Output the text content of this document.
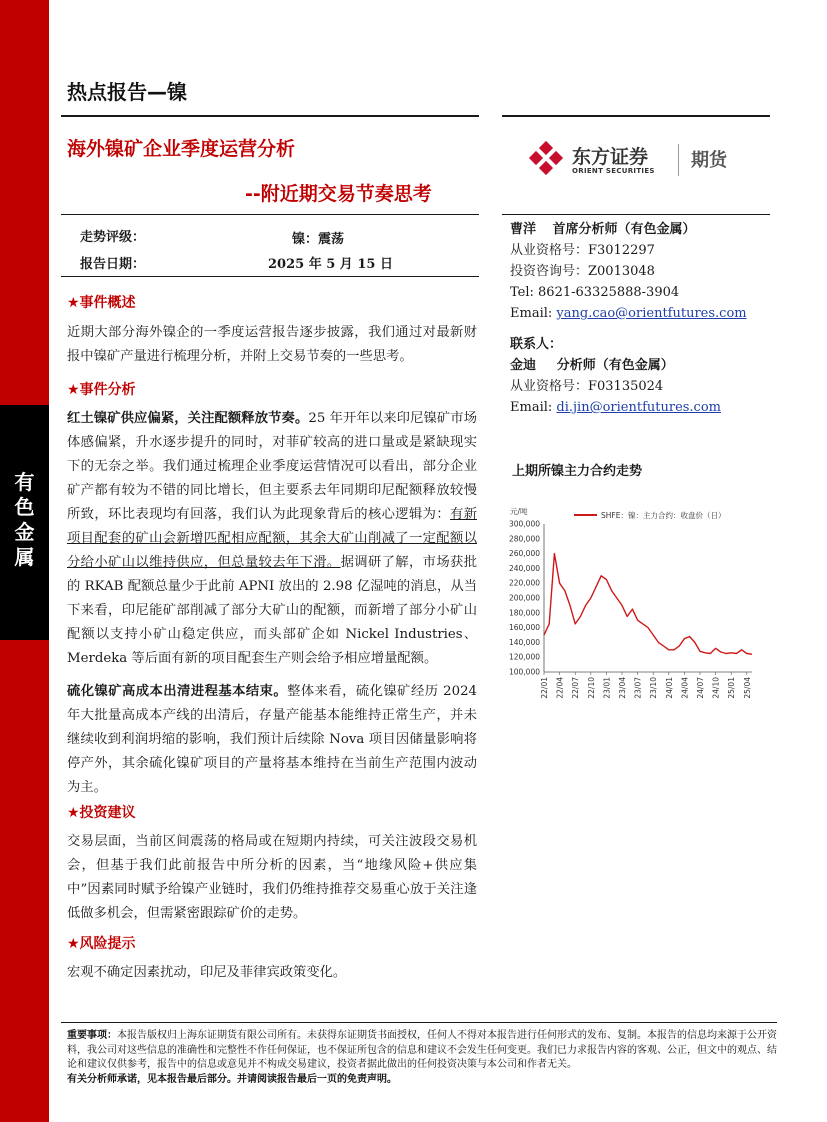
有
色
金
属
热点报告—镍
海外镍矿企业季度运营分析
--附近期交易节奏思考
东方证券
ORIENT SECURITIES 期货
走势评级：	镍：震荡
报告日期：	2025 年 5 月 15 日
★事件概述
近期大部分海外镍企的一季度运营报告逐步披露，我们通过对最新财报中镍矿产量进行梳理分析，并附上交易节奏的一些思考。
★事件分析
红土镍矿供应偏紧，关注配额释放节奏。25 年开年以来印尼镍矿市场体感偏紧，升水逐步提升的同时，对菲矿较高的进口量或是紧缺现实下的无奈之举。我们通过梳理企业季度运营情况可以看出，部分企业矿产都有较为不错的同比增长，但主要系去年同期印尼配额释放较慢所致，环比表现均有回落，我们认为此现象背后的核心逻辑为：有新项目配套的矿山会新增匹配相应配额，其余大矿山削减了一定配额以分给小矿山以维持供应，但总量较去年下滑。据调研了解，市场获批的 RKAB 配额总量少于此前 APNI 放出的 2.98 亿湿吨的消息，从当下来看，印尼能矿部削减了部分大矿山的配额，而新增了部分小矿山配额以支持小矿山稳定供应，而头部矿企如 Nickel Industries、Merdeka 等后面有新的项目配套生产则会给予相应增量配额。
硫化镍矿高成本出清进程基本结束。整体来看，硫化镍矿经历 2024 年大批量高成本产线的出清后，存量产能基本能维持正常生产，并未继续收到利润坍缩的影响，我们预计后续除 Nova 项目因储量影响将停产外，其余硫化镍矿项目的产量将基本维持在当前生产范围内波动为主。
★投资建议
交易层面，当前区间震荡的格局或在短期内持续，可关注波段交易机会，但基于我们此前报告中所分析的因素，当“地缘风险+供应集中”因素同时赋予给镍产业链时，我们仍维持推荐交易重心放于关注逢低做多机会，但需紧密跟踪矿价的走势。
★风险提示
宏观不确定因素扰动，印尼及菲律宾政策变化。
曹洋 首席分析师（有色金属）
从业资格号：F3012297
投资咨询号：Z0013048
Tel: 8621-63325888-3904
Email: yang.cao@orientfutures.com
联系人：
金迪 分析师（有色金属）
从业资格号：F03135024
Email: di.jin@orientfutures.com
上期所镍主力合约走势
元/吨	SHFE：镍：主力合约：收盘价（日）
300,000
280,000
260,000
240,000
220,000
200,000
180,000
160,000
140,000
120,000
100,000
22/01 22/04 22/07 22/10 23/01 23/04 23/07 23/10 24/01 24/04 24/07 24/10 25/01 25/04
重要事项：本报告版权归上海东证期货有限公司所有。未获得东证期货书面授权，任何人不得对本报告进行任何形式的发布、复制。本报告的信息均来源于公开资料，我公司对这些信息的准确性和完整性不作任何保证，也不保证所包含的信息和建议不会发生任何变更。我们已力求报告内容的客观、公正，但文中的观点、结论和建议仅供参考，报告中的信息或意见并不构成交易建议，投资者据此做出的任何投资决策与本公司和作者无关。
有关分析师承诺，见本报告最后部分。并请阅读报告最后一页的免责声明。
